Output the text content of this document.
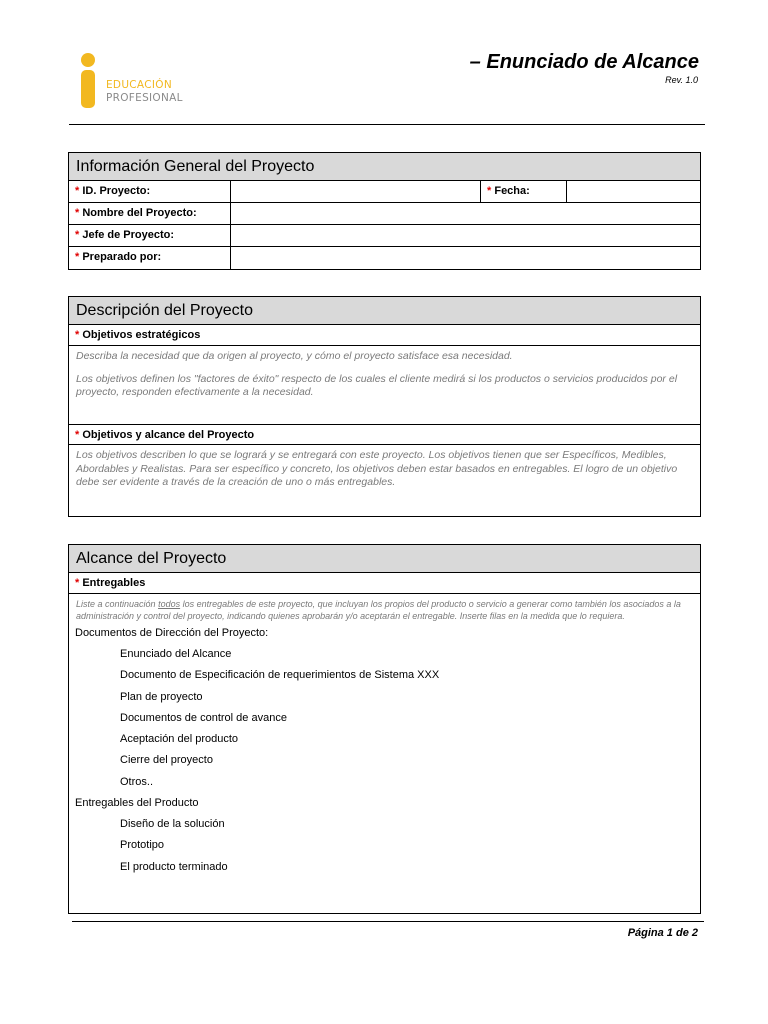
EDUCACIÓN
PROFESIONAL
– Enunciado de Alcance
Rev. 1.0
Información General del Proyecto
* ID. Proyecto:	* Fecha:
* Nombre del Proyecto:
* Jefe de Proyecto:
* Preparado por:
Descripción del Proyecto
* Objetivos estratégicos

Describa la necesidad que da origen al proyecto, y cómo el proyecto satisface esa necesidad.

Los objetivos definen los "factores de éxito" respecto de los cuales el cliente medirá si los productos o servicios producidos por el proyecto, responden efectivamente a la necesidad.

* Objetivos y alcance del Proyecto

Los objetivos describen lo que se logrará y se entregará con este proyecto. Los objetivos tienen que ser Específicos, Medibles, Abordables y Realistas. Para ser específico y concreto, los objetivos deben estar basados en entregables. El logro de un objetivo debe ser evidente a través de la creación de uno o más entregables.

Alcance del Proyecto
* Entregables
Liste a continuación todos los entregables de este proyecto, que incluyan los propios del producto o servicio a generar como también los asociados a la administración y control del proyecto, indicando quienes aprobarán y/o aceptarán el entregable. Inserte filas en la medida que lo requiera.
Documentos de Dirección del Proyecto:
Enunciado del Alcance
Documento de Especificación de requerimientos de Sistema XXX
Plan de proyecto
Documentos de control de avance
Aceptación del producto
Cierre del proyecto
Otros..
Entregables del Producto
Diseño de la solución
Prototipo
El producto terminado
Página 1 de 2
